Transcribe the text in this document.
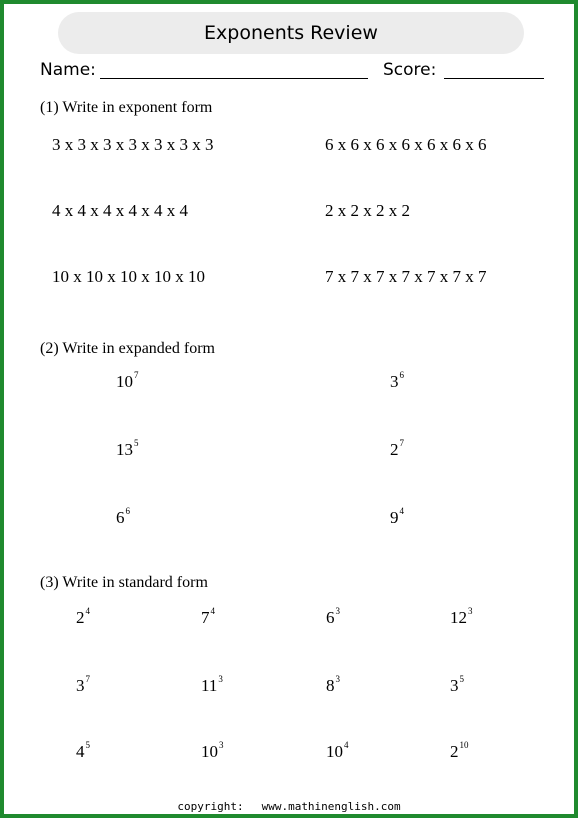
Exponents Review
Name:	Score:
(1) Write in exponent form
3 x 3 x 3 x 3 x 3 x 3 x 3	6 x 6 x 6 x 6 x 6 x 6 x 6
4 x 4 x 4 x 4 x 4 x 4	2 x 2 x 2 x 2
10 x 10 x 10 x 10 x 10	7 x 7 x 7 x 7 x 7 x 7 x 7
(2) Write in expanded form
$10^7$	$3^6$
$13^5$	$2^7$
$6^6$	$9^4$
(3) Write in standard form
$2^4$	$7^4$	$6^3$	$12^3$
$3^7$	$11^3$	$8^3$	$3^5$
$4^5$	$10^3$	$10^4$	$2^{10}$
copyright: www.mathinenglish.com
